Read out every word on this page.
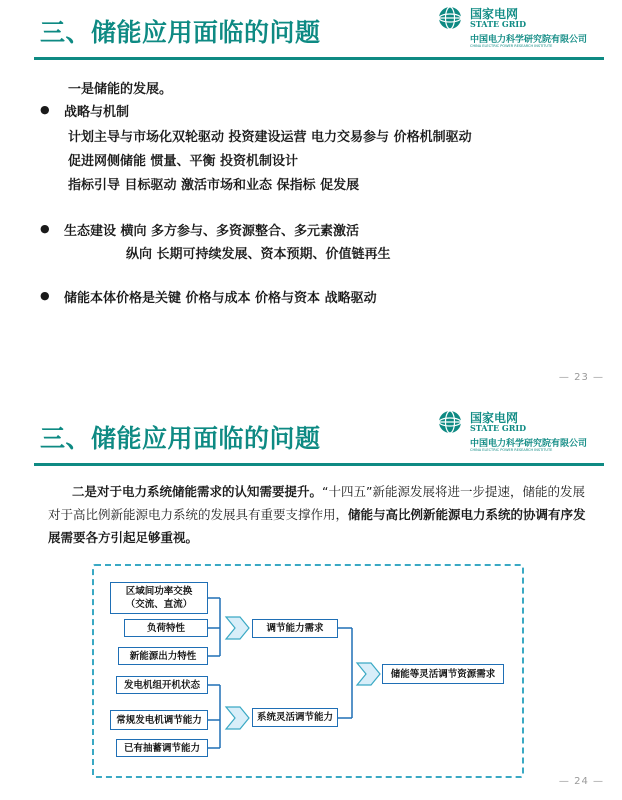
三、储能应用面临的问题
国家电网
STATE GRID
中国电力科学研究院有限公司
CHINA ELECTRIC POWER RESEARCH INSTITUTE
一是储能的发展。
● 战略与机制
计划主导与市场化双轮驱动 投资建设运营 电力交易参与 价格机制驱动
促进网侧储能 惯量、平衡 投资机制设计
指标引导 目标驱动 激活市场和业态 保指标 促发展
● 生态建设 横向 多方参与、多资源整合、多元素激活
纵向 长期可持续发展、资本预期、价值链再生
● 储能本体价格是关键 价格与成本 价格与资本 战略驱动
— 23 —
三、储能应用面临的问题
国家电网
STATE GRID
中国电力科学研究院有限公司
CHINA ELECTRIC POWER RESEARCH INSTITUTE
二是对于电力系统储能需求的认知需要提升。“十四五”新能源发展将进一步提速，储能的发展对于高比例新能源电力系统的发展具有重要支撑作用，储能与高比例新能源电力系统的协调有序发展需要各方引起足够重视。
区域间功率交换
（交流、直流）
负荷特性
新能源出力特性
发电机组开机状态
常规发电机调节能力
已有抽蓄调节能力
调节能力需求
系统灵活调节能力
储能等灵活调节资源需求
— 24 —
